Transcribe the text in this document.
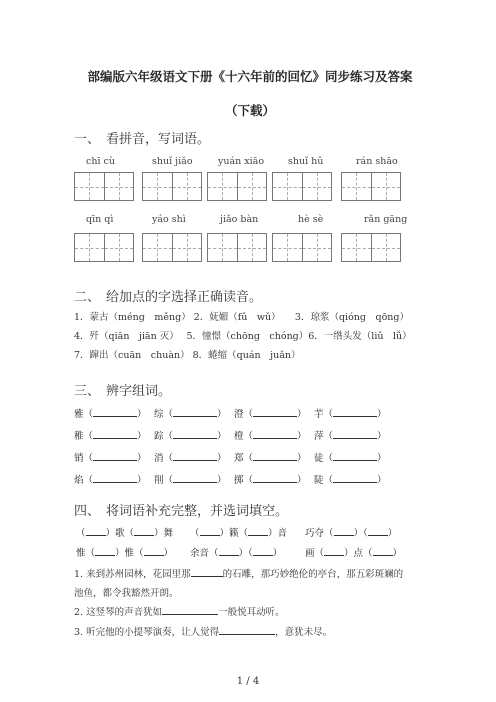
部编版六年级语文下册《十六年前的回忆》同步练习及答案（下载）
一、 看拼音，写词语。
chī cù	shuǐ jiǎo	yuán xiāo	shuǐ hǔ	rán shāo
qīn qì	yáo shì	jiǎo bàn	hè sè	rǎn gāng
二、 给加点的字选择正确读音。
1．蒙古（méng　měng） 2．妩媚（fǔ　wǔ）　　3．琼浆（qióng　qōng）
4．歼（qiān　jiān 灭）　 5．憧憬（chōng　chóng）6．一绺头发（liǔ　lǚ）
7．蹿出（cuān　chuàn） 8．蜷缩（quán　juǎn）
三、 辨字组词。
雅（	） 综（	） 澄（	） 芋（	）
稚（	） 踪（	） 橙（	） 萍（	）
销（	） 消（	） 郑（	） 徒（	）
焰（	） 削（	） 掷（	） 陡（	）
四、 将词语补充完整，并选词填空。
（ ）歌（ ）舞 （ ）籁（ ）音 巧夺（ ）（ ）
惟（ ）惟（ ） 余音（ ）（ ） 画（ ）点（ ）
1. 来到苏州园林，花园里那	的石雕，那巧妙绝伦的亭台，那五彩斑斓的
池鱼，都令我豁然开朗。
2. 这竖琴的声音犹如	一般悦耳动听。
3. 听完他的小提琴演奏，让人觉得	，意犹未尽。
1 / 4
